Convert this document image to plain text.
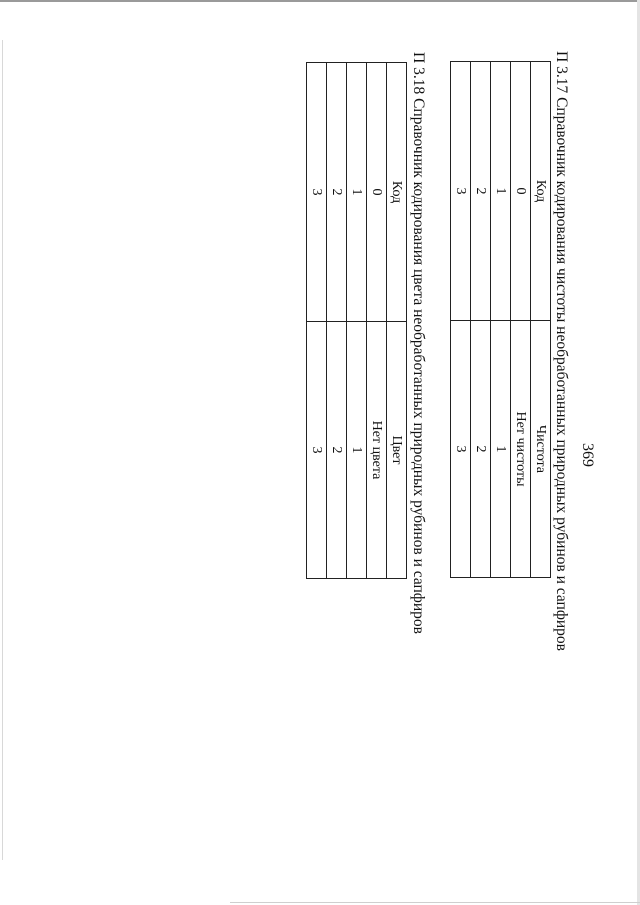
369
П 3.17 Справочник кодирования чистоты необработанных природных рубинов и сапфиров
Код	Чистота
0	Нет чистоты
1	1
2	2
3	3
П 3.18 Справочник кодирования цвета необработанных природных рубинов и сапфиров
Код	Цвет
0	Нет цвета
1	1
2	2
3	3
